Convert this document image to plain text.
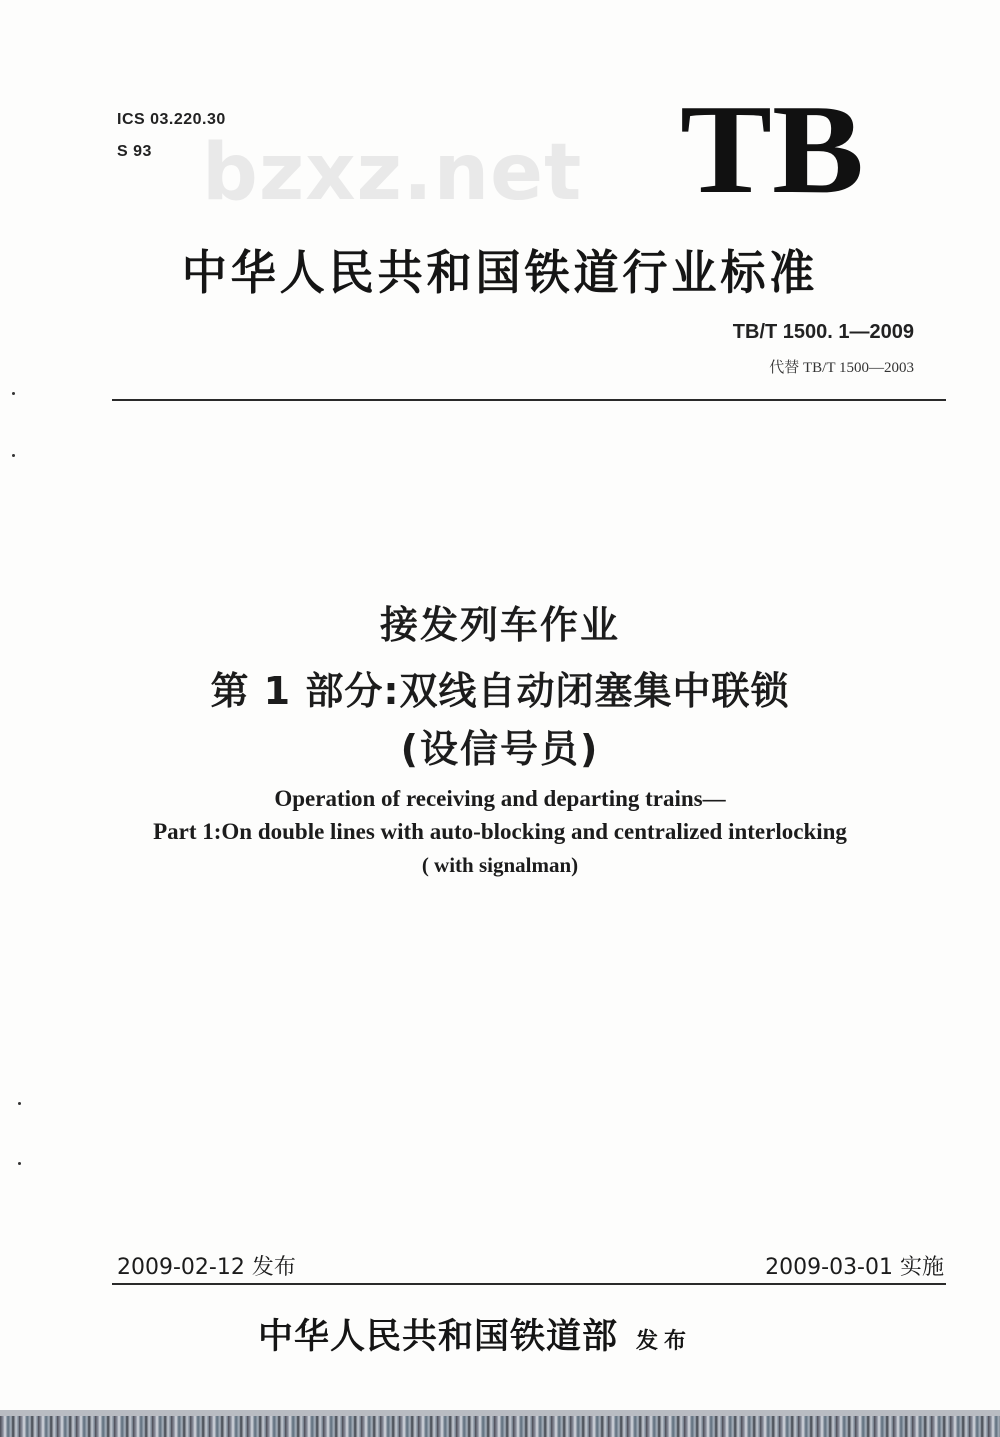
ICS 03.220.30
S 93 bzxz.net TB
中华人民共和国铁道行业标准
TB/T 1500. 1—2009
代替 TB/T 1500—2003
接发列车作业
第 1 部分:双线自动闭塞集中联锁
(设信号员)
Operation of receiving and departing trains—
Part 1:On double lines with auto-blocking and centralized interlocking
( with signalman)
2009-02-12 发布	2009-03-01 实施
中华人民共和国铁道部 发布
